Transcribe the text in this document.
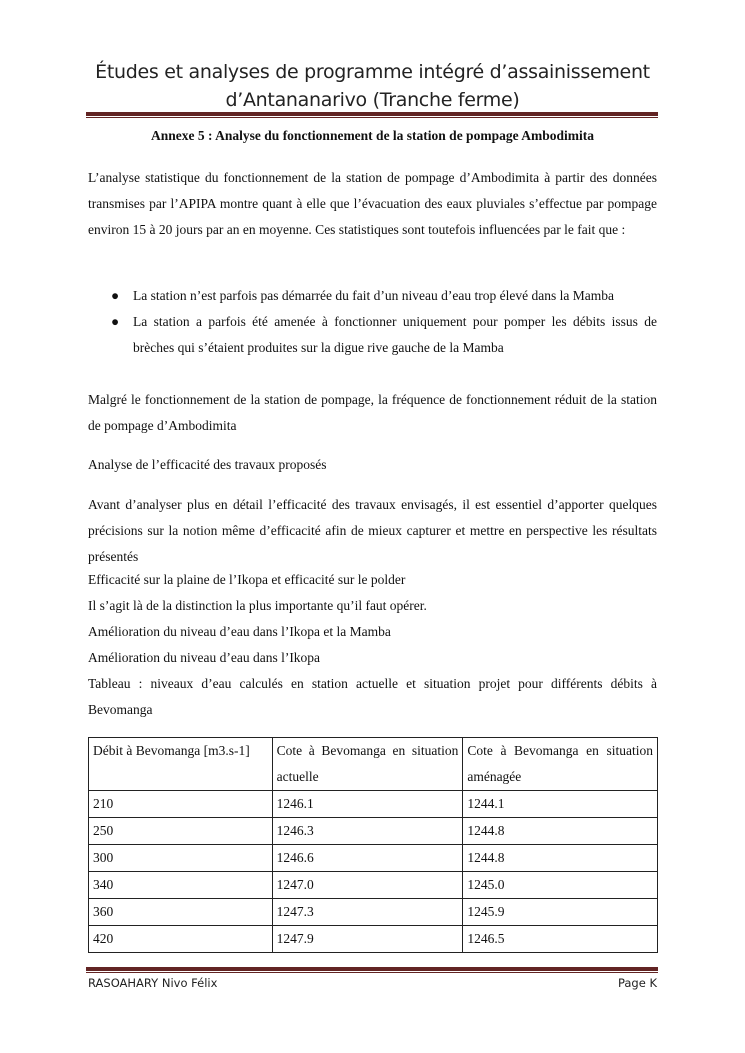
Études et analyses de programme intégré d’assainissement
d’Antananarivo (Tranche ferme)
Annexe 5 : Analyse du fonctionnement de la station de pompage Ambodimita
L’analyse statistique du fonctionnement de la station de pompage d’Ambodimita à partir des données transmises par l’APIPA montre quant à elle que l’évacuation des eaux pluviales s’effectue par pompage environ 15 à 20 jours par an en moyenne. Ces statistiques sont toutefois influencées par le fait que :
● La station n’est parfois pas démarrée du fait d’un niveau d’eau trop élevé dans la Mamba
● La station a parfois été amenée à fonctionner uniquement pour pomper les débits issus de brèches qui s’étaient produites sur la digue rive gauche de la Mamba
Malgré le fonctionnement de la station de pompage, la fréquence de fonctionnement réduit de la station de pompage d’Ambodimita
Analyse de l’efficacité des travaux proposés
Avant d’analyser plus en détail l’efficacité des travaux envisagés, il est essentiel d’apporter quelques précisions sur la notion même d’efficacité afin de mieux capturer et mettre en perspective les résultats présentés
Efficacité sur la plaine de l’Ikopa et efficacité sur le polder
Il s’agit là de la distinction la plus importante qu’il faut opérer.
Amélioration du niveau d’eau dans l’Ikopa et la Mamba
Amélioration du niveau d’eau dans l’Ikopa
Tableau : niveaux d’eau calculés en station actuelle et situation projet pour différents débits à Bevomanga
Débit à Bevomanga [m3.s-1]	Cote à Bevomanga en situation actuelle	Cote à Bevomanga en situation aménagée
210	1246.1	1244.1
250	1246.3	1244.8
300	1246.6	1244.8
340	1247.0	1245.0
360	1247.3	1245.9
420	1247.9	1246.5
RASOAHARY Nivo Félix	Page K
